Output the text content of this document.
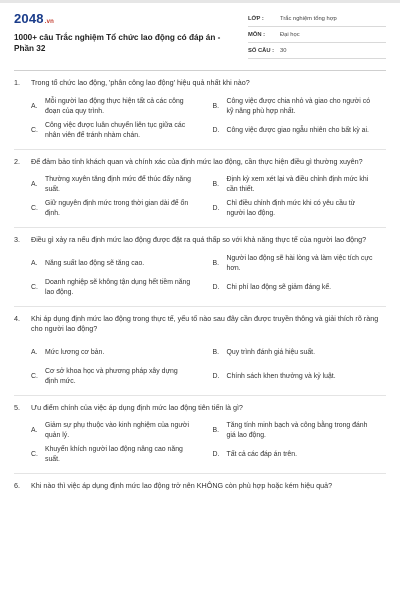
2048.vn
1000+ câu Trắc nghiệm Tổ chức lao động có đáp án - Phần 32
LỚP :	Trắc nghiệm tổng hợp
MÔN :	Đại học
SỐ CÂU :	30
1.	Trong tổ chức lao động, 'phân công lao động' hiệu quả nhất khi nào?
A.
Mỗi người lao động thực hiện tất cả các công đoạn của quy trình.
B.
Công việc được chia nhỏ và giao cho người có kỹ năng phù hợp nhất.
C.
Công việc được luân chuyển liên tục giữa các nhân viên để tránh nhàm chán.
D.	Công việc được giao ngẫu nhiên cho bất kỳ ai.
2.	Để đảm bảo tính khách quan và chính xác của định mức lao động, cần thực hiện điều gì thường xuyên?
A.
Thường xuyên tăng định mức để thúc đẩy năng suất.
B.
Định kỳ xem xét lại và điều chỉnh định mức khi cần thiết.
C.
Giữ nguyên định mức trong thời gian dài để ổn định.
D.
Chỉ điều chỉnh định mức khi có yêu cầu từ người lao động.
3.	Điều gì xảy ra nếu định mức lao động được đặt ra quá thấp so với khả năng thực tế của người lao động?
A.	Năng suất lao động sẽ tăng cao.	B.
Người lao động sẽ hài lòng và làm việc tích cực hơn.
C.
Doanh nghiệp sẽ không tận dụng hết tiềm năng lao động.
D.	Chi phí lao động sẽ giảm đáng kể.
4.	Khi áp dụng định mức lao động trong thực tế, yếu tố nào sau đây cần được truyền thông và giải thích rõ ràng cho người lao động?
A.	Mức lương cơ bản.	B.	Quy trình đánh giá hiệu suất.
C.
Cơ sở khoa học và phương pháp xây dựng định mức.
D.	Chính sách khen thưởng và kỷ luật.
5.	Ưu điểm chính của việc áp dụng định mức lao động tiên tiến là gì?
A.
Giảm sự phụ thuộc vào kinh nghiệm của người quản lý.
B.
Tăng tính minh bạch và công bằng trong đánh giá lao động.
C.
Khuyến khích người lao động nâng cao năng suất.
D.	Tất cả các đáp án trên.
6.	Khi nào thì việc áp dụng định mức lao động trở nên KHÔNG còn phù hợp hoặc kém hiệu quả?
